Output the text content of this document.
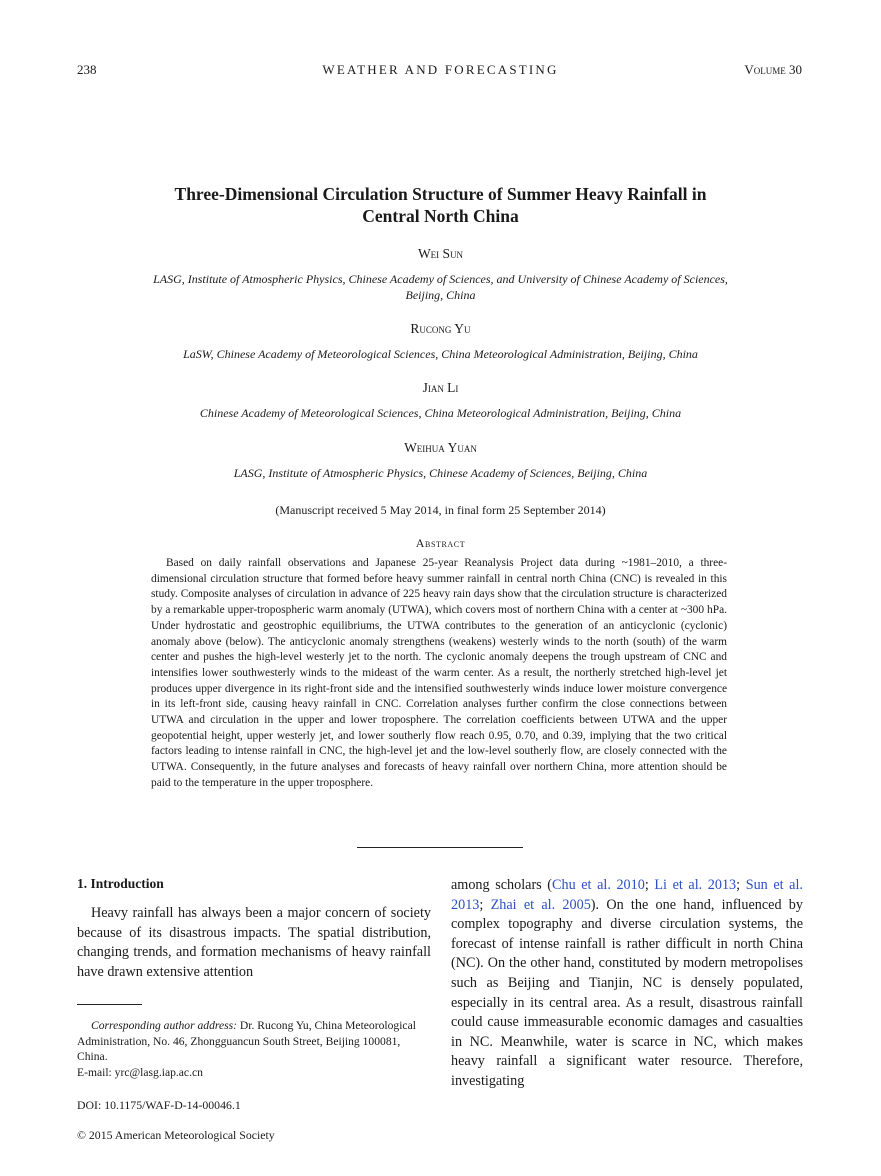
238	WEATHER AND FORECASTING	Volume 30
Three-Dimensional Circulation Structure of Summer Heavy Rainfall in
Central North China
Wei Sun
LASG, Institute of Atmospheric Physics, Chinese Academy of Sciences, and University of Chinese Academy of Sciences, Beijing, China
Rucong Yu
LaSW, Chinese Academy of Meteorological Sciences, China Meteorological Administration, Beijing, China
Jian Li
Chinese Academy of Meteorological Sciences, China Meteorological Administration, Beijing, China
Weihua Yuan
LASG, Institute of Atmospheric Physics, Chinese Academy of Sciences, Beijing, China
(Manuscript received 5 May 2014, in final form 25 September 2014)
Abstract
Based on daily rainfall observations and Japanese 25-year Reanalysis Project data during ~1981–2010, a three-dimensional circulation structure that formed before heavy summer rainfall in central north China (CNC) is revealed in this study. Composite analyses of circulation in advance of 225 heavy rain days show that the circulation structure is characterized by a remarkable upper-tropospheric warm anomaly (UTWA), which covers most of northern China with a center at ~300 hPa. Under hydrostatic and geostrophic equilibriums, the UTWA contributes to the generation of an anticyclonic (cyclonic) anomaly above (below). The anticyclonic anomaly strengthens (weakens) westerly winds to the north (south) of the warm center and pushes the high-level westerly jet to the north. The cyclonic anomaly deepens the trough upstream of CNC and intensifies lower southwesterly winds to the mideast of the warm center. As a result, the northerly stretched high-level jet produces upper divergence in its right-front side and the intensified southwesterly winds induce lower moisture convergence in its left-front side, causing heavy rainfall in CNC. Correlation analyses further confirm the close connections between UTWA and circulation in the upper and lower troposphere. The correlation coefficients between UTWA and the upper geopotential height, upper westerly jet, and lower southerly flow reach 0.95, 0.70, and 0.39, implying that the two critical factors leading to intense rainfall in CNC, the high-level jet and the low-level southerly flow, are closely connected with the UTWA. Consequently, in the future analyses and forecasts of heavy rainfall over northern China, more attention should be paid to the temperature in the upper troposphere.
1. Introduction
Heavy rainfall has always been a major concern of society because of its disastrous impacts. The spatial distribution, changing trends, and formation mechanisms of heavy rainfall have drawn extensive attention
among scholars (Chu et al. 2010; Li et al. 2013; Sun et al. 2013; Zhai et al. 2005). On the one hand, influenced by complex topography and diverse circulation systems, the forecast of intense rainfall is rather difficult in north China (NC). On the other hand, constituted by modern metropolises such as Beijing and Tianjin, NC is densely populated, especially in its central area. As a result, disastrous rainfall could cause immeasurable economic damages and casualties in NC. Meanwhile, water is scarce in NC, which makes heavy rainfall a significant water resource. Therefore, investigating
Corresponding author address: Dr. Rucong Yu, China Meteorological Administration, No. 46, Zhongguancun South Street, Beijing 100081, China.
E-mail: yrc@lasg.iap.ac.cn
DOI: 10.1175/WAF-D-14-00046.1
© 2015 American Meteorological Society
